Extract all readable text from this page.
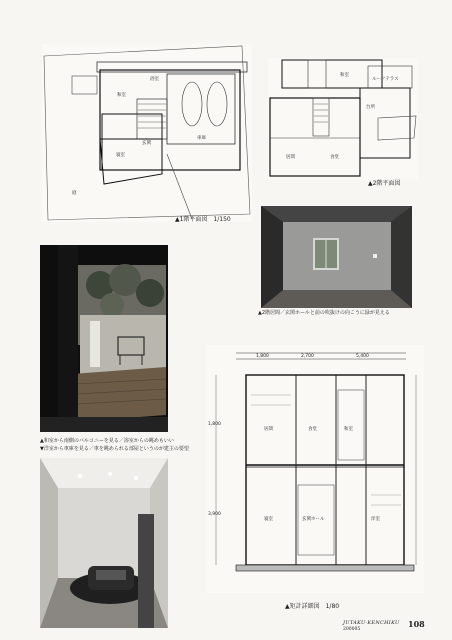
寝室
浴室
車庫
和室
玄関
庭
▲1階平面図　1/150
居間	食堂
和室
ルーフテラス
台所
▲2階平面図
▲2階居間／玄関ホールと前の吹抜けの向こうに緑が見える
▲和室から南側のバルコニーを見る／浴室からの眺めもいい
▼洋室から車庫を見る／車を眺められる部屋というのが建主の要望
1,800	2,700	5,400
1,800
3,900
居間	食堂	和室
寝室	玄関ホール	洋室
▲矩計詳細図　1/80
JUTAKU-KENCHIKU
200005
108
